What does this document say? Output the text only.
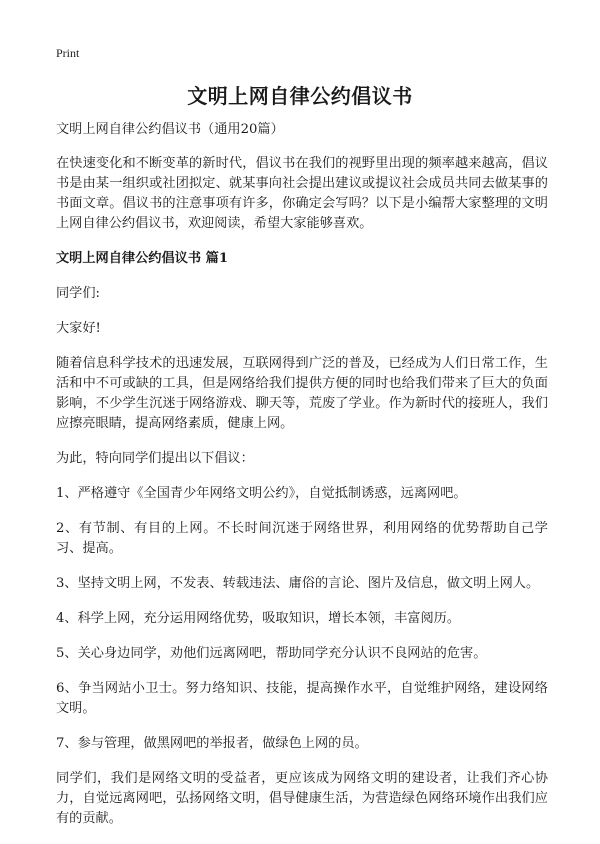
Print
文明上网自律公约倡议书

文明上网自律公约倡议书（通用20篇）

在快速变化和不断变革的新时代，倡议书在我们的视野里出现的频率越来越高，倡议书是由某一组织或社团拟定、就某事向社会提出建议或提议社会成员共同去做某事的书面文章。倡议书的注意事项有许多，你确定会写吗？以下是小编帮大家整理的文明上网自律公约倡议书，欢迎阅读，希望大家能够喜欢。

文明上网自律公约倡议书 篇1

同学们:

大家好!

随着信息科学技术的迅速发展，互联网得到广泛的普及，已经成为人们日常工作，生活和中不可或缺的工具，但是网络给我们提供方便的同时也给我们带来了巨大的负面影响，不少学生沉迷于网络游戏、聊天等，荒废了学业。作为新时代的接班人，我们应擦亮眼睛，提高网络素质，健康上网。

为此，特向同学们提出以下倡议：

1、严格遵守《全国青少年网络文明公约》，自觉抵制诱惑，远离网吧。

2、有节制、有目的上网。不长时间沉迷于网络世界，利用网络的优势帮助自己学习、提高。

3、坚持文明上网，不发表、转载违法、庸俗的言论、图片及信息，做文明上网人。

4、科学上网，充分运用网络优势，吸取知识，增长本领，丰富阅历。

5、关心身边同学，劝他们远离网吧，帮助同学充分认识不良网站的危害。

6、争当网站小卫士。努力络知识、技能，提高操作水平，自觉维护网络，建设网络文明。

7、参与管理，做黑网吧的举报者，做绿色上网的员。

同学们，我们是网络文明的受益者，更应该成为网络文明的建设者，让我们齐心协力，自觉远离网吧，弘扬网络文明，倡导健康生活，为营造绿色网络环境作出我们应有的贡献。
